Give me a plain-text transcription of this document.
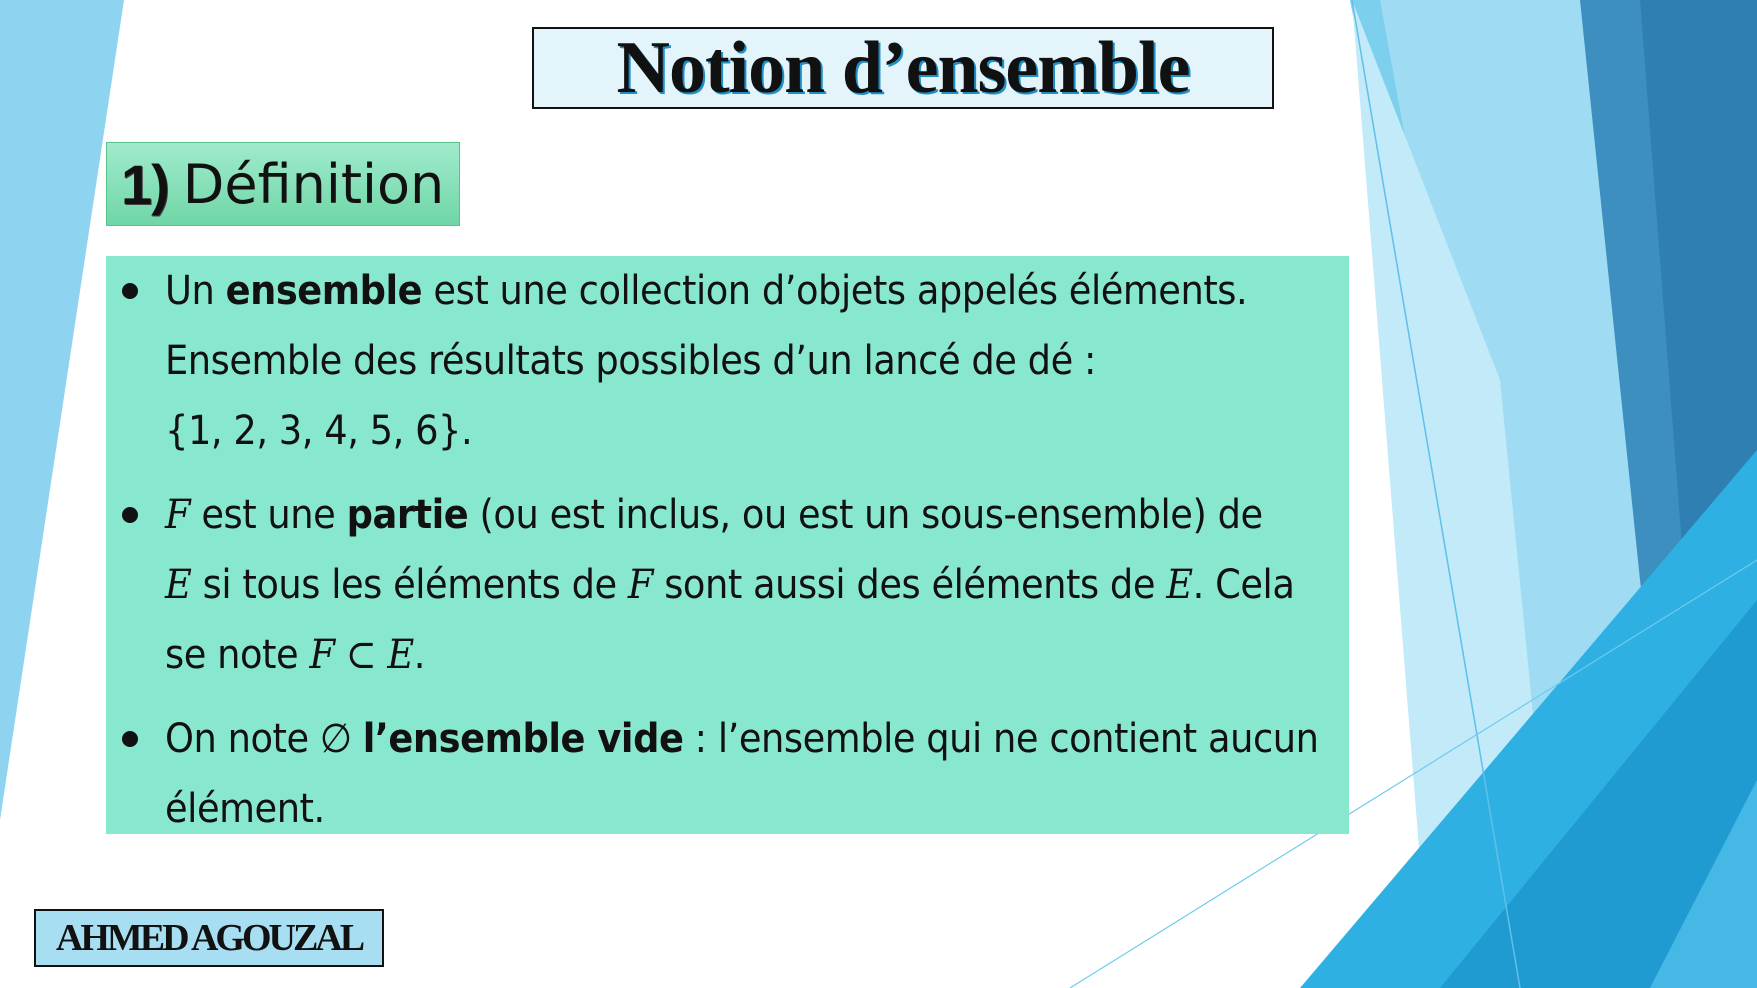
Notion d’ensemble
1) Définition
Un ensemble est une collection d’objets appelés éléments.
Ensemble des résultats possibles d’un lancé de dé :
{1, 2, 3, 4, 5, 6}.
F est une partie (ou est inclus, ou est un sous-ensemble) de
E si tous les éléments de F sont aussi des éléments de E. Cela
se note F ⊂ E.
On note ∅ l’ensemble vide : l’ensemble qui ne contient aucun
élément.
AHMED AGOUZAL
